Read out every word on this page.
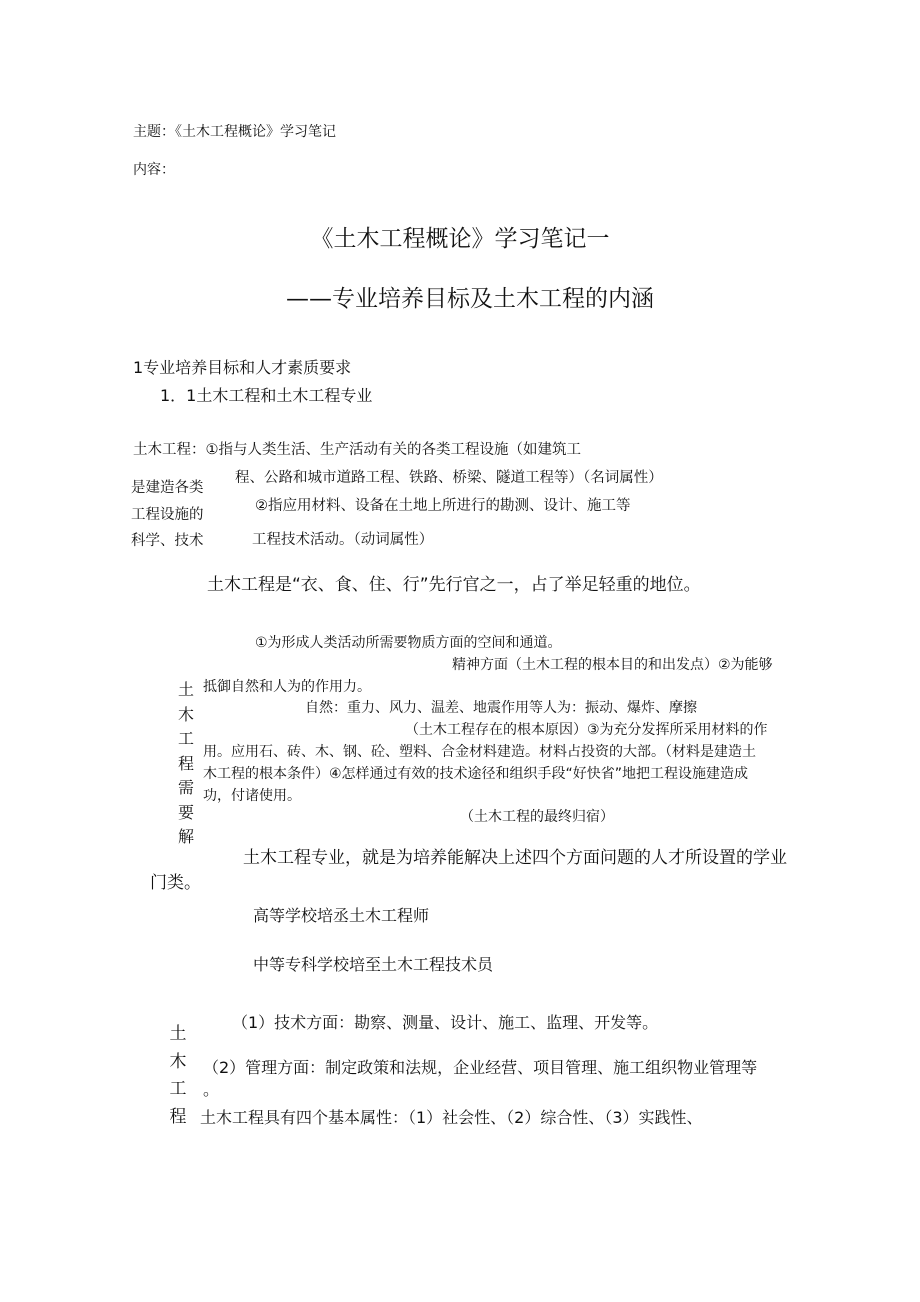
主题：《土木工程概论》学习笔记
内容：
《土木工程概论》学习笔记一
——专业培养目标及土木工程的内涵
1专业培养目标和人才素质要求
1．1土木工程和土木工程专业
土木工程：①指与人类生活、生产活动有关的各类工程设施（如建筑工
程、公路和城市道路工程、铁路、桥梁、隧道工程等）（名词属性）
②指应用材料、设备在土地上所进行的勘测、设计、施工等
工程技术活动。（动词属性）
是建造各类
工程设施的
科学、技术
土木工程是“衣、食、住、行”先行官之一，占了举足轻重的地位。
①为形成人类活动所需要物质方面的空间和通道。
精神方面（土木工程的根本目的和出发点）②为能够
抵御自然和人为的作用力。
自然：重力、风力、温差、地震作用等人为：振动、爆炸、摩擦
（土木工程存在的根本原因）③为充分发挥所采用材料的作
用。应用石、砖、木、钢、砼、塑料、合金材料建造。材料占投资的大部。（材料是建造土
木工程的根本条件）④怎样通过有效的技术途径和组织手段“好快省”地把工程设施建造成
功，付诸使用。
（土木工程的最终归宿）
土木工程需要解
土木工程专业，就是为培养能解决上述四个方面问题的人才所设置的学业
门类。
高等学校培丞土木工程师
中等专科学校培至土木工程技术员
（1）技术方面：勘察、测量、设计、施工、监理、开发等。
（2）管理方面：制定政策和法规，企业经营、项目管理、施工组织物业管理等
。
土木工程具有四个基本属性：（1）社会性、（2）综合性、（3）实践性、
土木工程
